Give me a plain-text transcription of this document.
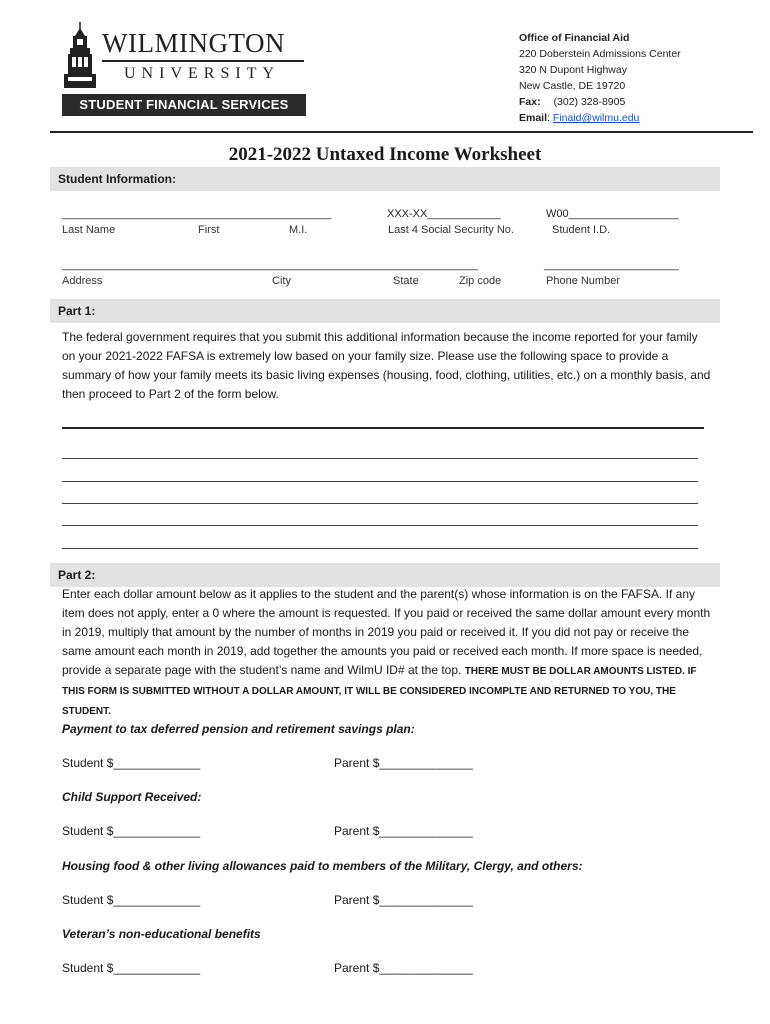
WILMINGTON
UNIVERSITY
STUDENT FINANCIAL SERVICES
Office of Financial Aid
220 Doberstein Admissions Center
320 N Dupont Highway
New Castle, DE 19720
Fax: (302) 328-8905
Email: Finaid@wilmu.edu
2021-2022 Untaxed Income Worksheet
Student Information:
____________________________________________	XXX-XX____________	W00__________________
Last Name	First	M.I.	Last 4 Social Security No.	Student I.D.
____________________________________________________________________	______________________
Address	City	State	Zip code	Phone Number
Part 1:
The federal government requires that you submit this additional information because the income reported for your family on your 2021-2022 FAFSA is extremely low based on your family size. Please use the following space to provide a summary of how your family meets its basic living expenses (housing, food, clothing, utilities, etc.) on a monthly basis, and then proceed to Part 2 of the form below.
Part 2:
Enter each dollar amount below as it applies to the student and the parent(s) whose information is on the FAFSA. If any item does not apply, enter a 0 where the amount is requested. If you paid or received the same dollar amount every month in 2019, multiply that amount by the number of months in 2019 you paid or received it. If you did not pay or receive the same amount each month in 2019, add together the amounts you paid or received each month. If more space is needed, provide a separate page with the student’s name and WilmU ID# at the top. THERE MUST BE DOLLAR AMOUNTS LISTED. IF THIS FORM IS SUBMITTED WITHOUT A DOLLAR AMOUNT, IT WILL BE CONSIDERED INCOMPLTE AND RETURNED TO YOU, THE STUDENT.
Payment to tax deferred pension and retirement savings plan:
Student $_____________	Parent $______________
Child Support Received:
Student $_____________	Parent $______________
Housing food & other living allowances paid to members of the Military, Clergy, and others:
Student $_____________	Parent $______________
Veteran’s non-educational benefits
Student $_____________	Parent $______________
